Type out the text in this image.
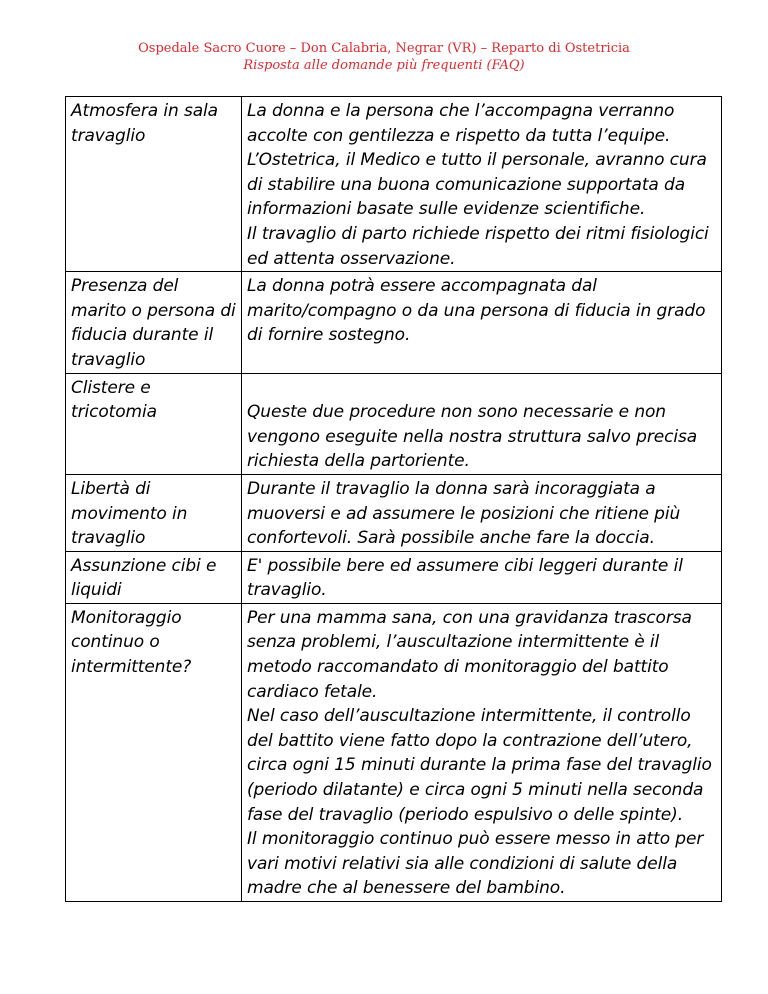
Ospedale Sacro Cuore – Don Calabria, Negrar (VR) – Reparto di Ostetricia
Risposta alle domande più frequenti (FAQ)
Atmosfera in sala travaglio	La donna e la persona che l’accompagna verranno accolte con gentilezza e rispetto da tutta l’equipe.
L’Ostetrica, il Medico e tutto il personale, avranno cura di stabilire una buona comunicazione supportata da informazioni basate sulle evidenze scientifiche.
Il travaglio di parto richiede rispetto dei ritmi fisiologici ed attenta osservazione.

Presenza del marito o persona di fiducia durante il travaglio	La donna potrà essere accompagnata dal marito/compagno o da una persona di fiducia in grado di fornire sostegno.

Clistere e tricotomia	Queste due procedure non sono necessarie e non vengono eseguite nella nostra struttura salvo precisa richiesta della partoriente.

Libertà di movimento in travaglio	Durante il travaglio la donna sarà incoraggiata a muoversi e ad assumere le posizioni che ritiene più confortevoli. Sarà possibile anche fare la doccia.

Assunzione cibi e liquidi	E' possibile bere ed assumere cibi leggeri durante il travaglio.

Monitoraggio continuo o intermittente?	Per una mamma sana, con una gravidanza trascorsa senza problemi, l’auscultazione intermittente è il metodo raccomandato di monitoraggio del battito cardiaco fetale.
Nel caso dell’auscultazione intermittente, il controllo del battito viene fatto dopo la contrazione dell’utero, circa ogni 15 minuti durante la prima fase del travaglio (periodo dilatante) e circa ogni 5 minuti nella seconda fase del travaglio (periodo espulsivo o delle spinte).
Il monitoraggio continuo può essere messo in atto per vari motivi relativi sia alle condizioni di salute della madre che al benessere del bambino.
